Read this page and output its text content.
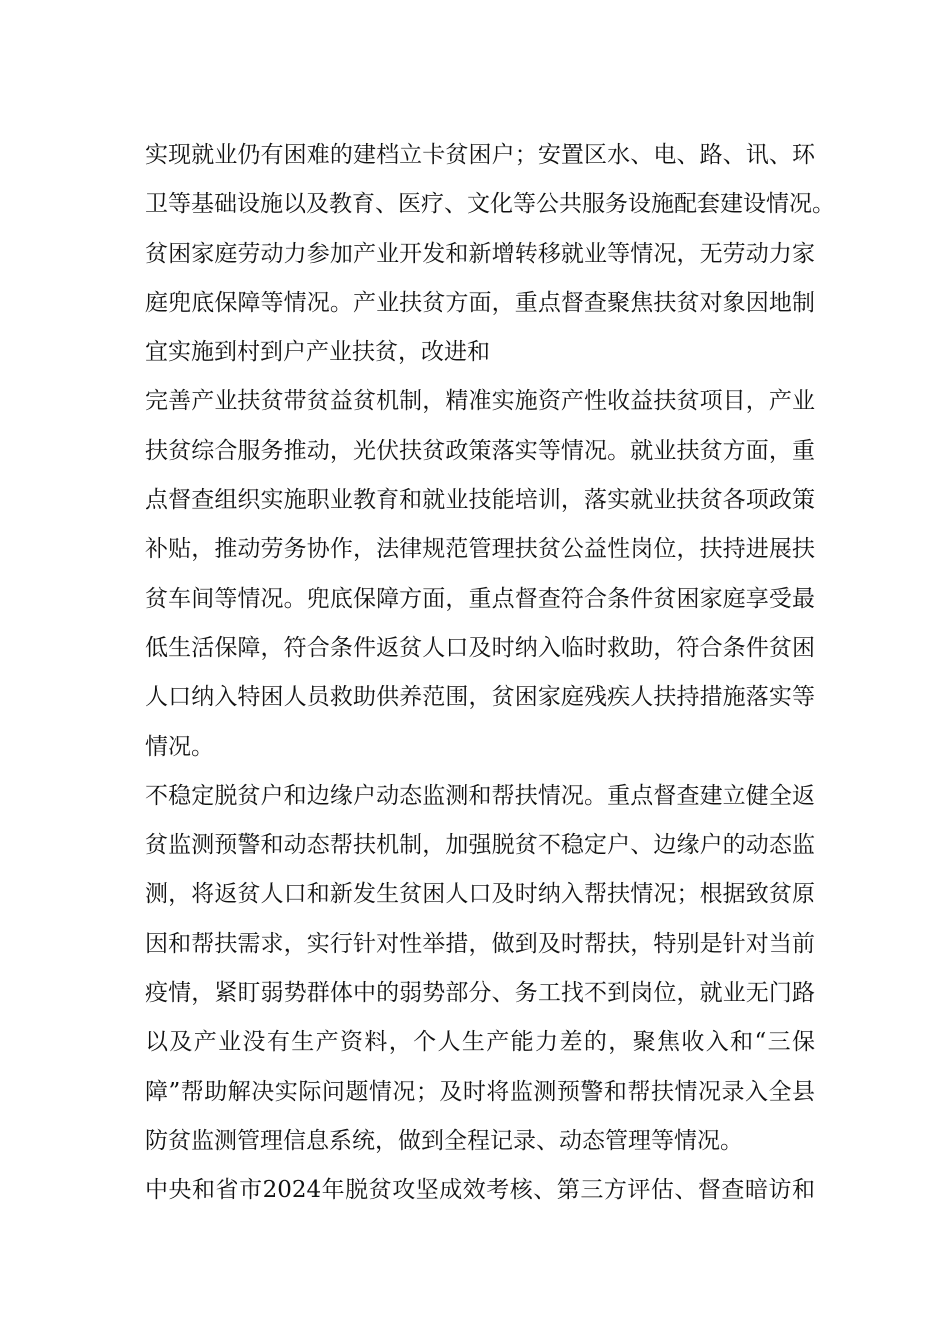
实现就业仍有困难的建档立卡贫困户；安置区水、电、路、讯、环
卫等基础设施以及教育、医疗、文化等公共服务设施配套建设情况。
贫困家庭劳动力参加产业开发和新增转移就业等情况，无劳动力家
庭兜底保障等情况。产业扶贫方面，重点督查聚焦扶贫对象因地制
宜实施到村到户产业扶贫，改进和
完善产业扶贫带贫益贫机制，精准实施资产性收益扶贫项目，产业
扶贫综合服务推动，光伏扶贫政策落实等情况。就业扶贫方面，重
点督查组织实施职业教育和就业技能培训，落实就业扶贫各项政策
补贴，推动劳务协作，法律规范管理扶贫公益性岗位，扶持进展扶
贫车间等情况。兜底保障方面，重点督查符合条件贫困家庭享受最
低生活保障，符合条件返贫人口及时纳入临时救助，符合条件贫困
人口纳入特困人员救助供养范围，贫困家庭残疾人扶持措施落实等
情况。
不稳定脱贫户和边缘户动态监测和帮扶情况。重点督查建立健全返
贫监测预警和动态帮扶机制，加强脱贫不稳定户、边缘户的动态监
测，将返贫人口和新发生贫困人口及时纳入帮扶情况；根据致贫原
因和帮扶需求，实行针对性举措，做到及时帮扶，特别是针对当前
疫情，紧盯弱势群体中的弱势部分、务工找不到岗位，就业无门路
以及产业没有生产资料，个人生产能力差的，聚焦收入和“三保
障”帮助解决实际问题情况；及时将监测预警和帮扶情况录入全县
防贫监测管理信息系统，做到全程记录、动态管理等情况。
中央和省市2024年脱贫攻坚成效考核、第三方评估、督查暗访和
